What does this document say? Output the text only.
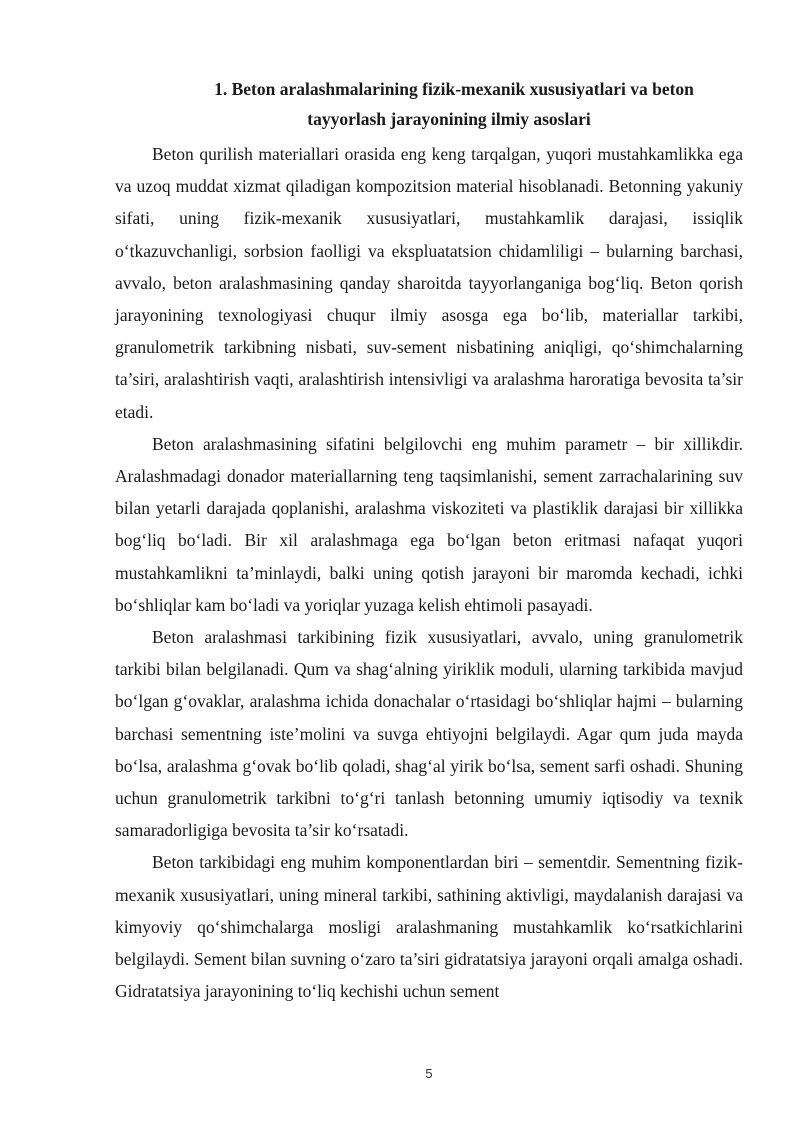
1. Beton aralashmalarining fizik-mexanik xususiyatlari va beton
tayyorlash jarayonining ilmiy asoslari

Beton qurilish materiallari orasida eng keng tarqalgan, yuqori mustahkamlikka ega va uzoq muddat xizmat qiladigan kompozitsion material hisoblanadi. Betonning yakuniy sifati, uning fizik-mexanik xususiyatlari, mustahkamlik darajasi, issiqlik o‘tkazuvchanligi, sorbsion faolligi va ekspluatatsion chidamliligi – bularning barchasi, avvalo, beton aralashmasining qanday sharoitda tayyorlanganiga bog‘liq. Beton qorish jarayonining texnologiyasi chuqur ilmiy asosga ega bo‘lib, materiallar tarkibi, granulometrik tarkibning nisbati, suv-sement nisbatining aniqligi, qo‘shimchalarning ta’siri, aralashtirish vaqti, aralashtirish intensivligi va aralashma haroratiga bevosita ta’sir etadi.

Beton aralashmasining sifatini belgilovchi eng muhim parametr – bir xillikdir. Aralashmadagi donador materiallarning teng taqsimlanishi, sement zarrachalarining suv bilan yetarli darajada qoplanishi, aralashma viskoziteti va plastiklik darajasi bir xillikka bog‘liq bo‘ladi. Bir xil aralashmaga ega bo‘lgan beton eritmasi nafaqat yuqori mustahkamlikni ta’minlaydi, balki uning qotish jarayoni bir maromda kechadi, ichki bo‘shliqlar kam bo‘ladi va yoriqlar yuzaga kelish ehtimoli pasayadi.

Beton aralashmasi tarkibining fizik xususiyatlari, avvalo, uning granulometrik tarkibi bilan belgilanadi. Qum va shag‘alning yiriklik moduli, ularning tarkibida mavjud bo‘lgan g‘ovaklar, aralashma ichida donachalar o‘rtasidagi bo‘shliqlar hajmi – bularning barchasi sementning iste’molini va suvga ehtiyojni belgilaydi. Agar qum juda mayda bo‘lsa, aralashma g‘ovak bo‘lib qoladi, shag‘al yirik bo‘lsa, sement sarfi oshadi. Shuning uchun granulometrik tarkibni to‘g‘ri tanlash betonning umumiy iqtisodiy va texnik samaradorligiga bevosita ta’sir ko‘rsatadi.

Beton tarkibidagi eng muhim komponentlardan biri – sementdir. Sementning fizik-mexanik xususiyatlari, uning mineral tarkibi, sathining aktivligi, maydalanish darajasi va kimyoviy qo‘shimchalarga mosligi aralashmaning mustahkamlik ko‘rsatkichlarini belgilaydi. Sement bilan suvning o‘zaro ta’siri gidratatsiya jarayoni orqali amalga oshadi. Gidratatsiya jarayonining to‘liq kechishi uchun sement

5
